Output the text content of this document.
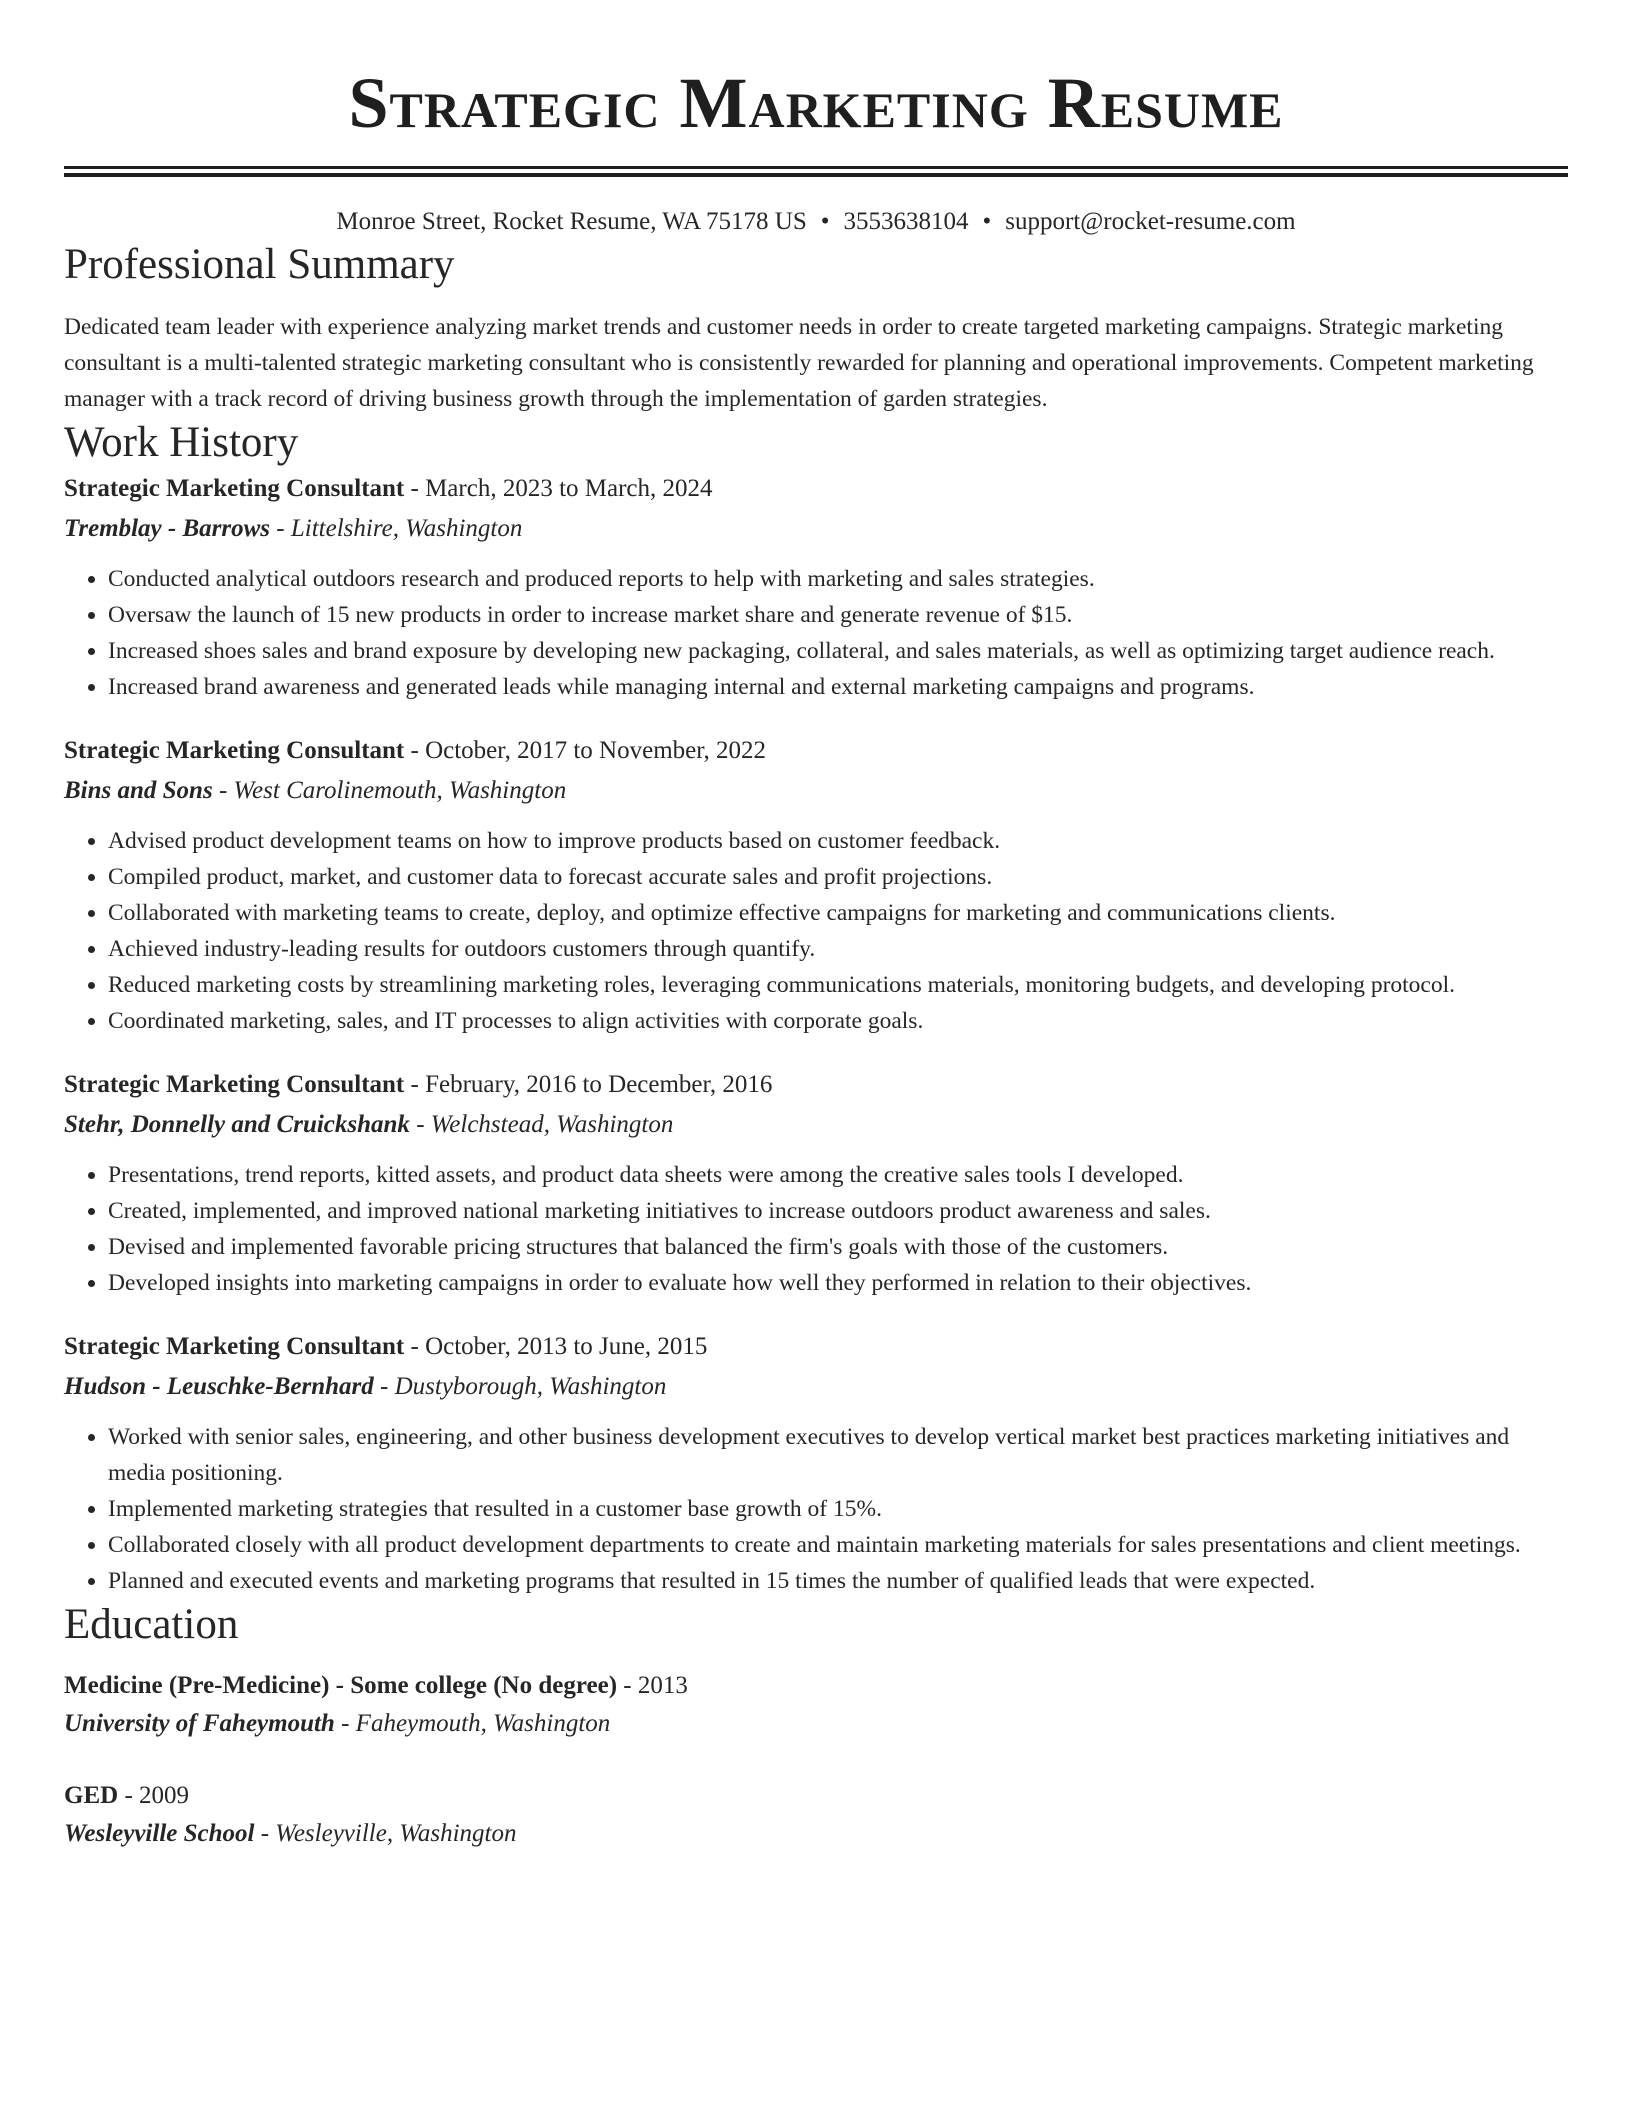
Strategic Marketing Resume
Monroe Street, Rocket Resume, WA 75178 US • 3553638104 • support@rocket-resume.com
Professional Summary

Dedicated team leader with experience analyzing market trends and customer needs in order to create targeted marketing campaigns. Strategic marketing consultant is a multi-talented strategic marketing consultant who is consistently rewarded for planning and operational improvements. Competent marketing manager with a track record of driving business growth through the implementation of garden strategies.

Work History
Strategic Marketing Consultant - March, 2023 to March, 2024
Tremblay - Barrows - Littelshire, Washington
• Conducted analytical outdoors research and produced reports to help with marketing and sales strategies.
• Oversaw the launch of 15 new products in order to increase market share and generate revenue of $15.
• Increased shoes sales and brand exposure by developing new packaging, collateral, and sales materials, as well as optimizing target audience reach.
• Increased brand awareness and generated leads while managing internal and external marketing campaigns and programs.
Strategic Marketing Consultant - October, 2017 to November, 2022
Bins and Sons - West Carolinemouth, Washington
• Advised product development teams on how to improve products based on customer feedback.
• Compiled product, market, and customer data to forecast accurate sales and profit projections.
• Collaborated with marketing teams to create, deploy, and optimize effective campaigns for marketing and communications clients.
• Achieved industry-leading results for outdoors customers through quantify.
• Reduced marketing costs by streamlining marketing roles, leveraging communications materials, monitoring budgets, and developing protocol.
• Coordinated marketing, sales, and IT processes to align activities with corporate goals.
Strategic Marketing Consultant - February, 2016 to December, 2016
Stehr, Donnelly and Cruickshank - Welchstead, Washington
• Presentations, trend reports, kitted assets, and product data sheets were among the creative sales tools I developed.
• Created, implemented, and improved national marketing initiatives to increase outdoors product awareness and sales.
• Devised and implemented favorable pricing structures that balanced the firm's goals with those of the customers.
• Developed insights into marketing campaigns in order to evaluate how well they performed in relation to their objectives.
Strategic Marketing Consultant - October, 2013 to June, 2015
Hudson - Leuschke-Bernhard - Dustyborough, Washington
• Worked with senior sales, engineering, and other business development executives to develop vertical market best practices marketing initiatives and media positioning.
• Implemented marketing strategies that resulted in a customer base growth of 15%.
• Collaborated closely with all product development departments to create and maintain marketing materials for sales presentations and client meetings.
• Planned and executed events and marketing programs that resulted in 15 times the number of qualified leads that were expected.
Education
Medicine (Pre-Medicine) - Some college (No degree) - 2013
University of Faheymouth - Faheymouth, Washington
GED - 2009
Wesleyville School - Wesleyville, Washington
